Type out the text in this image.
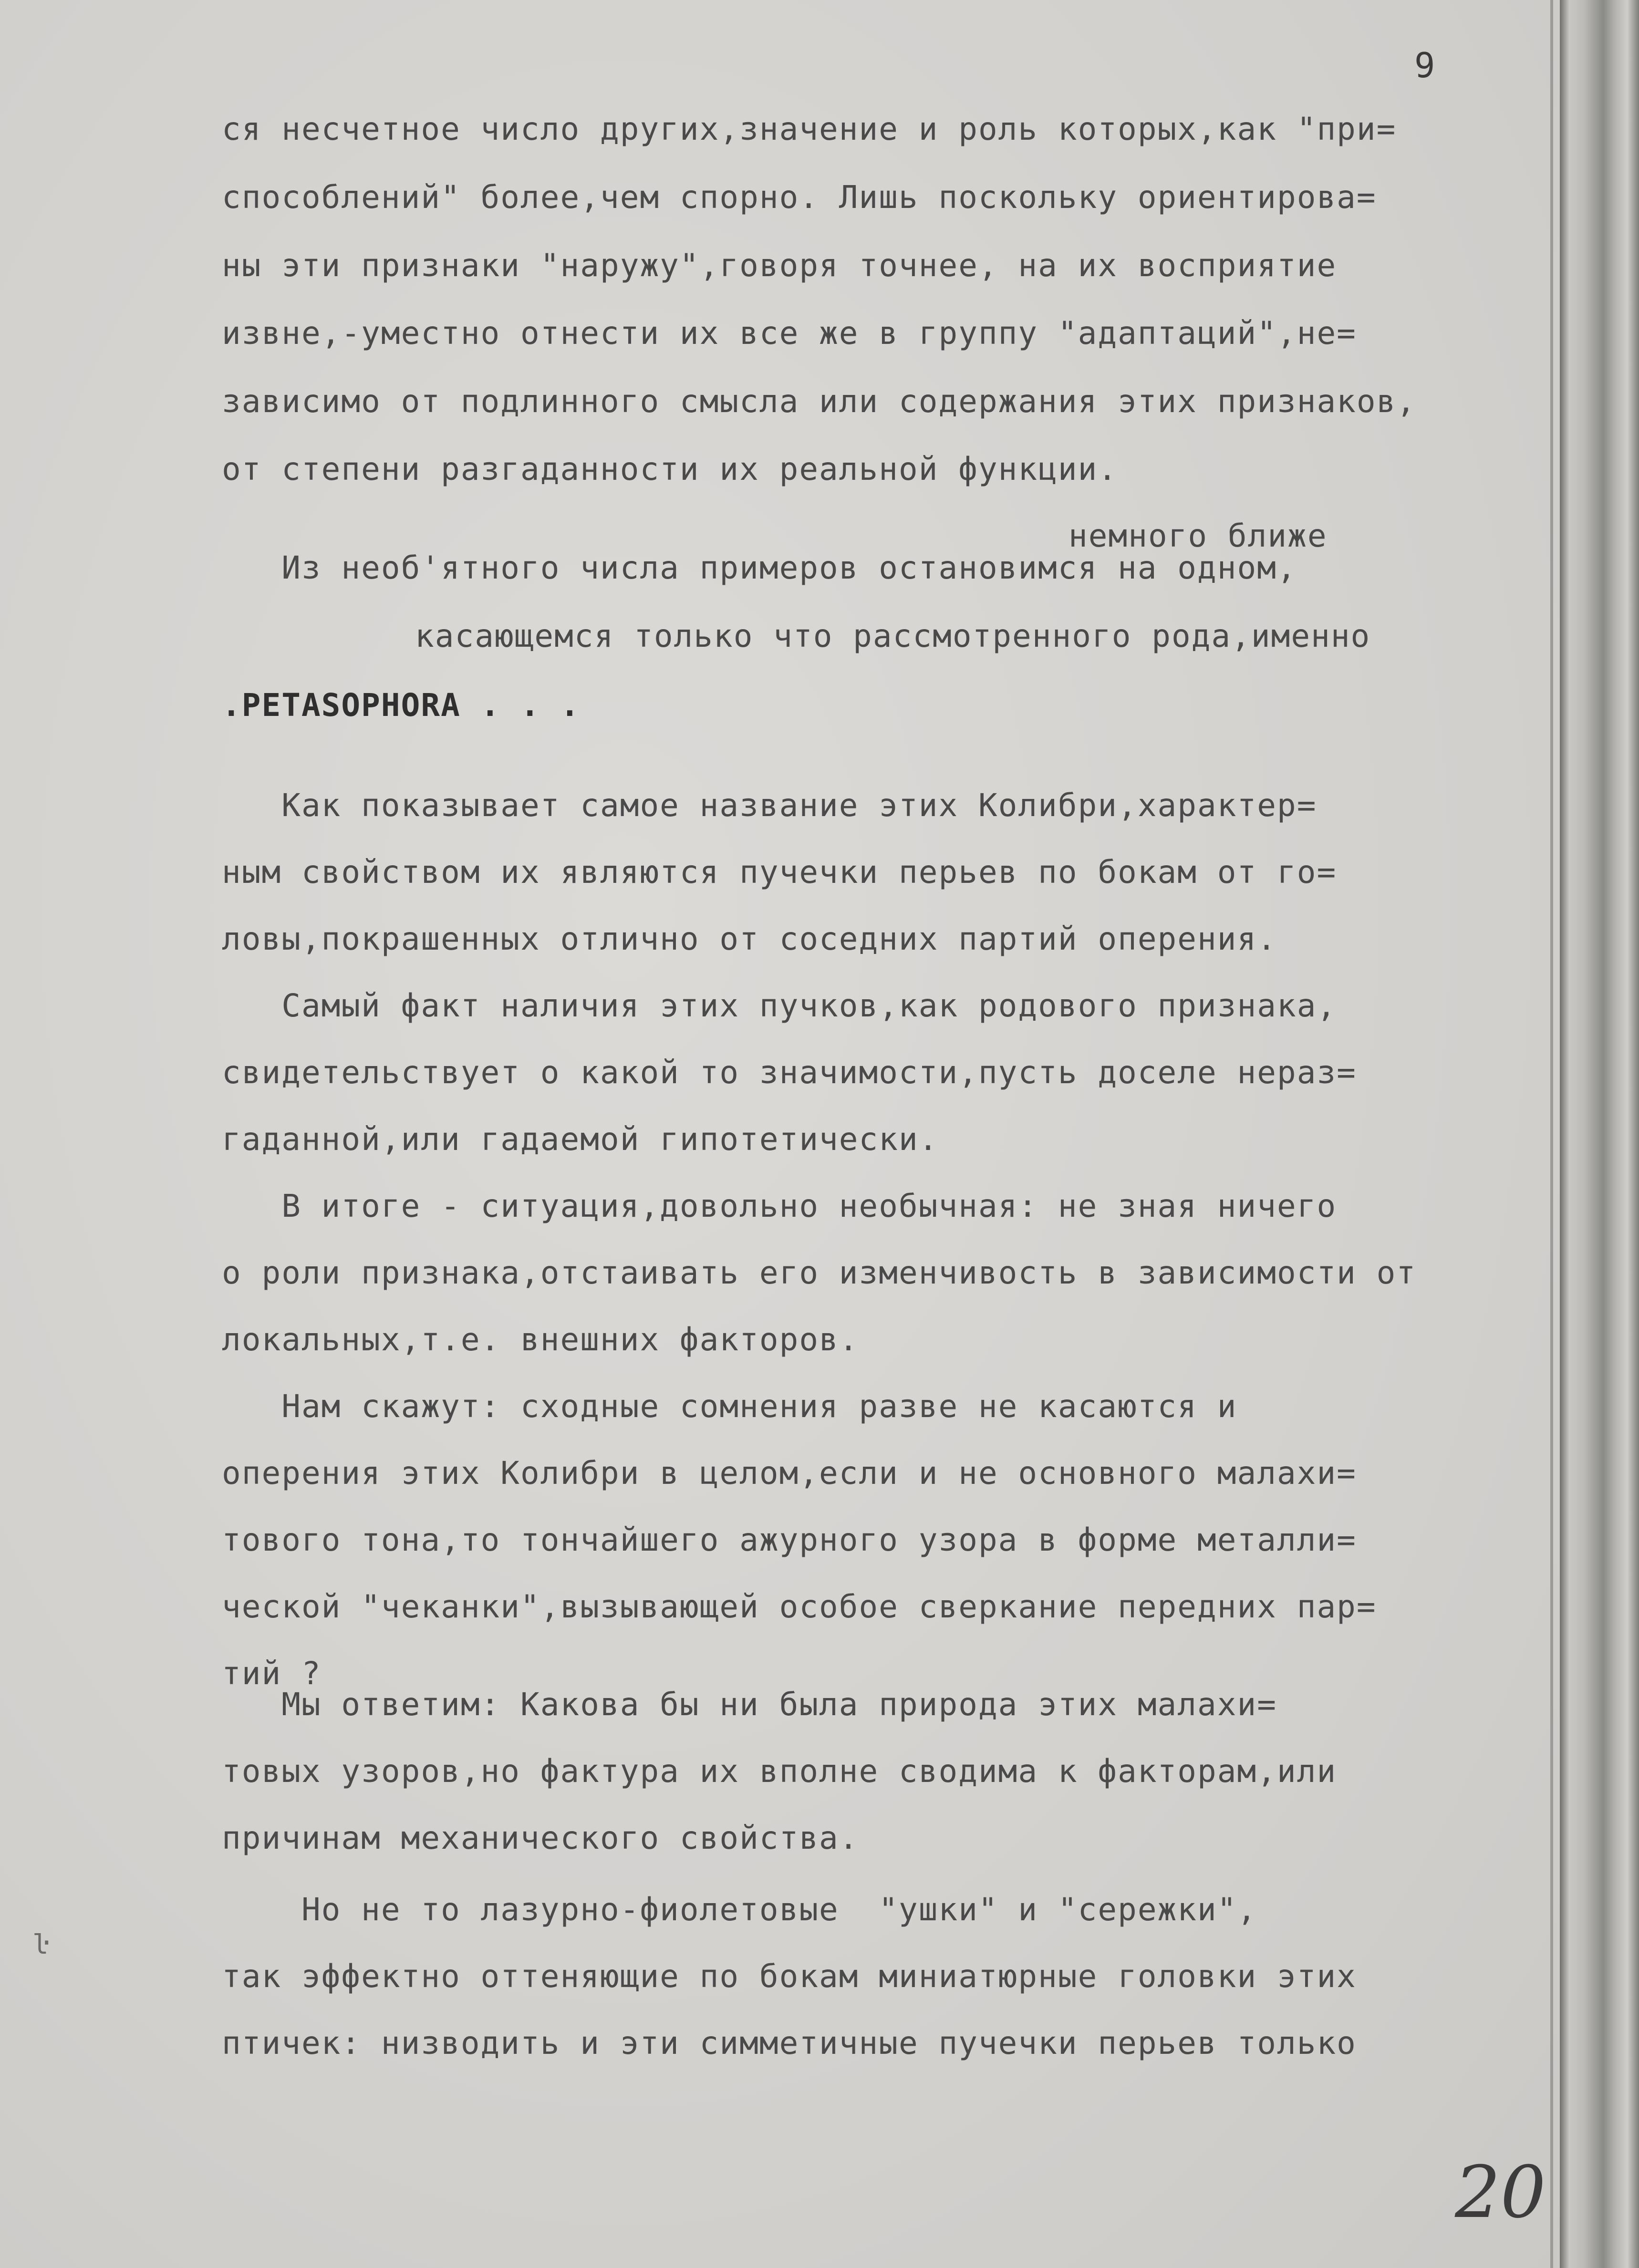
9
немного ближе
ся несчетное число других,значение и роль которых,как "при=
способлений" более,чем спорно. Лишь поскольку ориентирова=
ны эти признаки "наружу",говоря точнее, на их восприятие
извне,-уместно отнести их все же в группу "адаптаций",не=
зависимо от подлинного смысла или содержания этих признаков,
от степени разгаданности их реальной функции.
Из необ'ятного числа примеров остановимся на одном,
касающемся только что рассмотренного рода,именно
.PETASOPHORA . . .
Как показывает самое название этих Колибри,характер=
ным свойством их являются пучечки перьев по бокам от го=
ловы,покрашенных отлично от соседних партий оперения.
Самый факт наличия этих пучков,как родового признака,
свидетельствует о какой то значимости,пусть доселе нераз=
гаданной,или гадаемой гипотетически.
В итоге - ситуация,довольно необычная: не зная ничего
о роли признака,отстаивать его изменчивость в зависимости от
локальных,т.е. внешних факторов.
Нам скажут: сходные сомнения разве не касаются и
оперения этих Колибри в целом,если и не основного малахи=
тового тона,то тончайшего ажурного узора в форме металли=
ческой "чеканки",вызывающей особое сверкание передних пар=
тий ?
Мы ответим: Какова бы ни была природа этих малахи=
товых узоров,но фактура их вполне сводима к факторам,или
причинам механического свойства.
Но не то лазурно-фиолетовые  "ушки" и "сережки",
так эффектно оттеняющие по бокам миниатюрные головки этих
птичек: низводить и эти симметичные пучечки перьев только
ŀ
20
